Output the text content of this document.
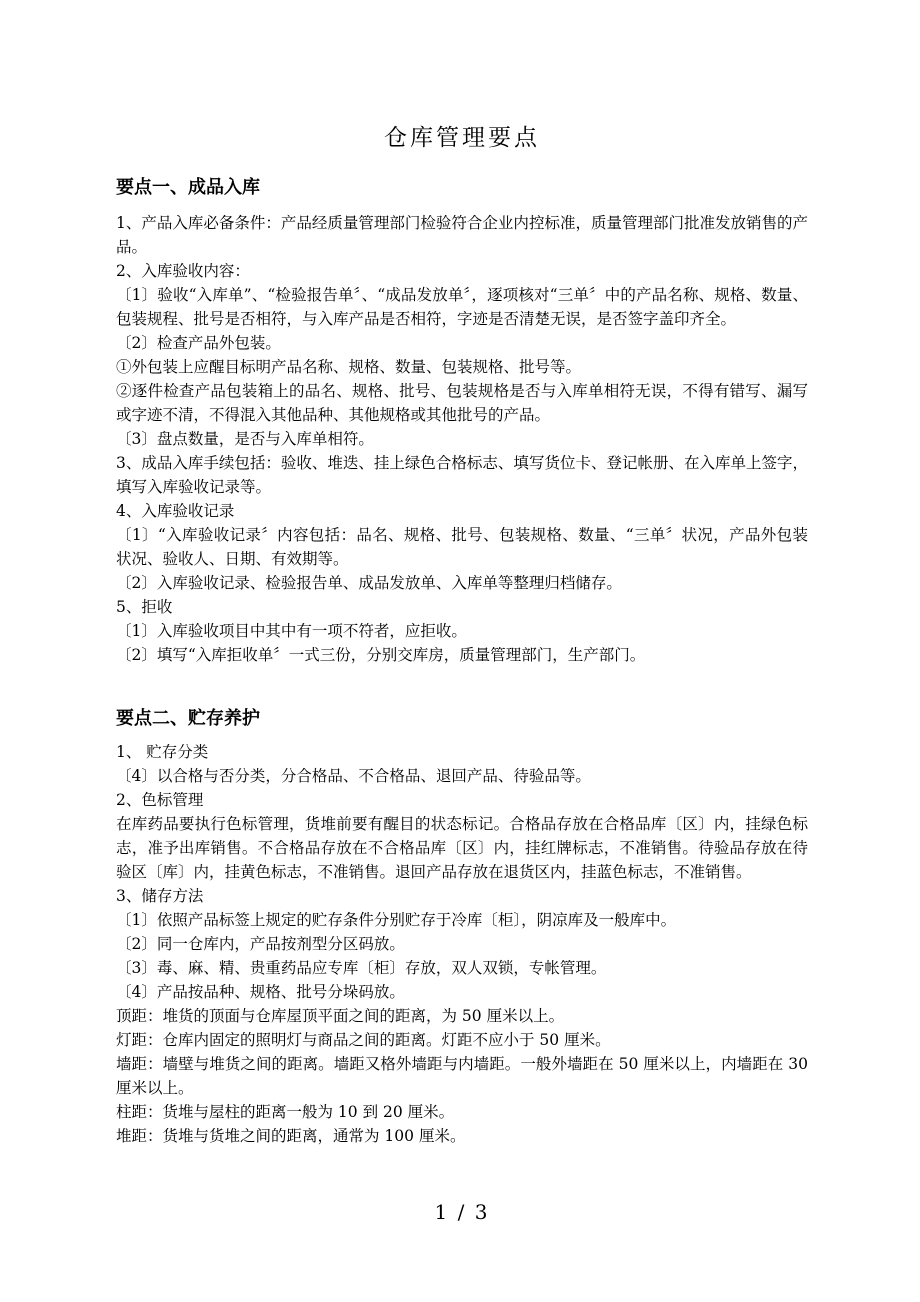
仓库管理要点
要点一、成品入库

1、产品入库必备条件：产品经质量管理部门检验符合企业内控标准，质量管理部门批准发放销售的产品。

2、入库验收内容：

〔1〕验收“入库单”、“检验报告单〞、“成品发放单〞，逐项核对“三单〞中的产品名称、规格、数量、包装规程、批号是否相符，与入库产品是否相符，字迹是否清楚无误，是否签字盖印齐全。

〔2〕检查产品外包装。

①外包装上应醒目标明产品名称、规格、数量、包装规格、批号等。

②逐件检查产品包装箱上的品名、规格、批号、包装规格是否与入库单相符无误，不得有错写、漏写或字迹不清，不得混入其他品种、其他规格或其他批号的产品。

〔3〕盘点数量，是否与入库单相符。

3、成品入库手续包括：验收、堆迭、挂上绿色合格标志、填写货位卡、登记帐册、在入库单上签字，填写入库验收记录等。

4、入库验收记录

〔1〕“入库验收记录〞内容包括：品名、规格、批号、包装规格、数量、“三单〞状况，产品外包装状况、验收人、日期、有效期等。

〔2〕入库验收记录、检验报告单、成品发放单、入库单等整理归档储存。

5、拒收

〔1〕入库验收项目中其中有一项不符者，应拒收。

〔2〕填写“入库拒收单〞一式三份，分别交库房，质量管理部门，生产部门。

要点二、贮存养护

1、 贮存分类

〔4〕以合格与否分类，分合格品、不合格品、退回产品、待验品等。

2、色标管理

在库药品要执行色标管理，货堆前要有醒目的状态标记。合格品存放在合格品库〔区〕内，挂绿色标志，准予出库销售。不合格品存放在不合格品库〔区〕内，挂红牌标志，不准销售。待验品存放在待验区〔库〕内，挂黄色标志，不准销售。退回产品存放在退货区内，挂蓝色标志，不准销售。

3、储存方法

〔1〕依照产品标签上规定的贮存条件分别贮存于冷库〔柜〕，阴凉库及一般库中。

〔2〕同一仓库内，产品按剂型分区码放。

〔3〕毒、麻、精、贵重药品应专库〔柜〕存放，双人双锁，专帐管理。

〔4〕产品按品种、规格、批号分垛码放。

顶距：堆货的顶面与仓库屋顶平面之间的距离，为 50 厘米以上。

灯距：仓库内固定的照明灯与商品之间的距离。灯距不应小于 50 厘米。

墙距：墙壁与堆货之间的距离。墙距又格外墙距与内墙距。一般外墙距在 50 厘米以上，内墙距在 30 厘米以上。

柱距：货堆与屋柱的距离一般为 10 到 20 厘米。

堆距：货堆与货堆之间的距离，通常为 100 厘米。

1 / 3
